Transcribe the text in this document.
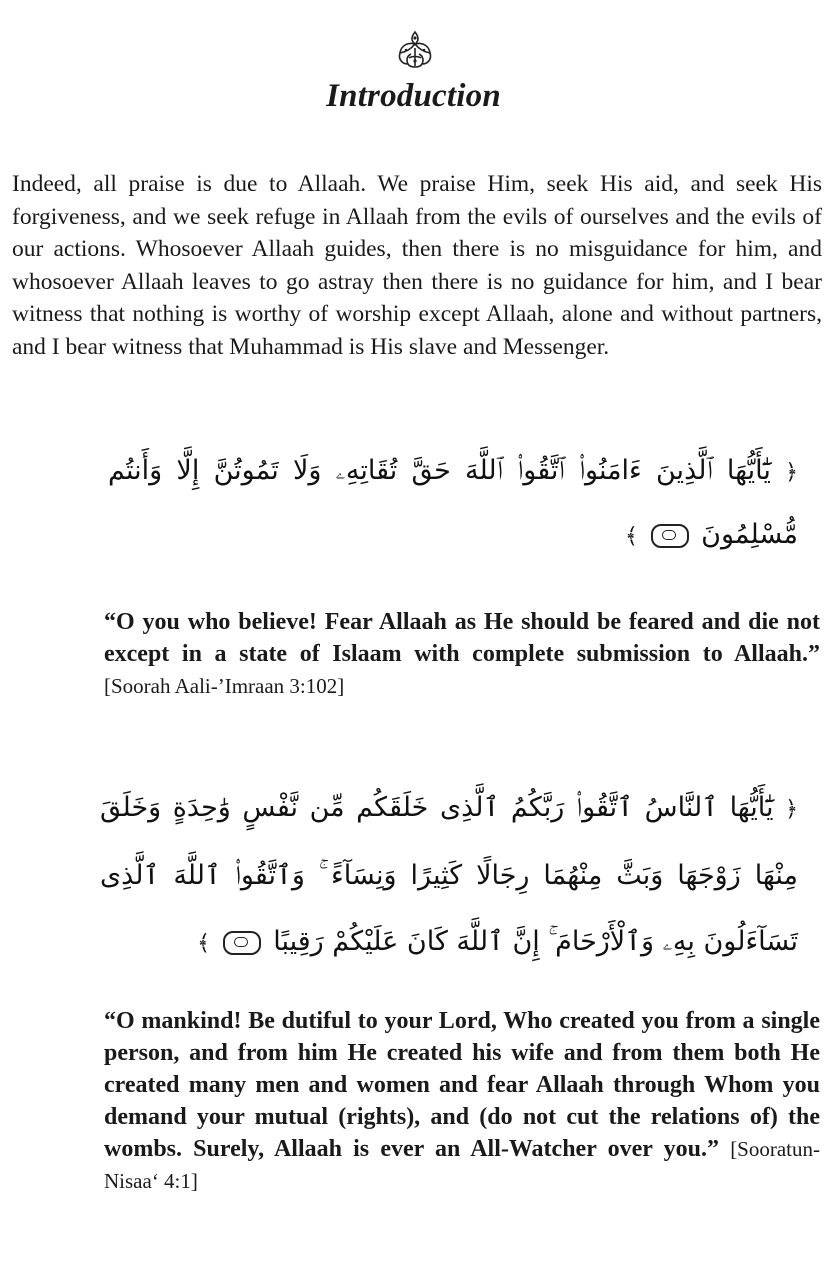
Introduction

Indeed, all praise is due to Allaah. We praise Him, seek His aid, and seek His forgiveness, and we seek refuge in Allaah from the evils of ourselves and the evils of our actions. Whosoever Allaah guides, then there is no misguidance for him, and whosoever Allaah leaves to go astray then there is no guidance for him, and I bear witness that nothing is worthy of worship except Allaah, alone and without partners, and I bear witness that Muhammad is His slave and Messenger.

﴿ يَٰٓأَيُّهَا ٱلَّذِينَ ءَامَنُوا۟ ٱتَّقُوا۟ ٱللَّهَ حَقَّ تُقَاتِهِۦ وَلَا تَمُوتُنَّ إِلَّا وَأَنتُم مُّسْلِمُونَ  ﴾

“O you who believe! Fear Allaah as He should be feared and die not except in a state of Islaam with complete submission to Allaah.” [Soorah Aali-’Imraan 3:102]

﴿ يَٰٓأَيُّهَا ٱلنَّاسُ ٱتَّقُوا۟ رَبَّكُمُ ٱلَّذِى خَلَقَكُم مِّن نَّفْسٍ وَٰحِدَةٍ وَخَلَقَ مِنْهَا زَوْجَهَا وَبَثَّ مِنْهُمَا رِجَالًا كَثِيرًا وَنِسَآءً ۚ وَٱتَّقُوا۟ ٱللَّهَ ٱلَّذِى تَسَآءَلُونَ بِهِۦ وَٱلْأَرْحَامَ ۚ إِنَّ ٱللَّهَ كَانَ عَلَيْكُمْ رَقِيبًا  ﴾

“O mankind! Be dutiful to your Lord, Who created you from a single person, and from him He created his wife and from them both He created many men and women and fear Allaah through Whom you demand your mutual (rights), and (do not cut the relations of) the wombs. Surely, Allaah is ever an All-Watcher over you.” [Sooratun-Nisaa‘ 4:1]
